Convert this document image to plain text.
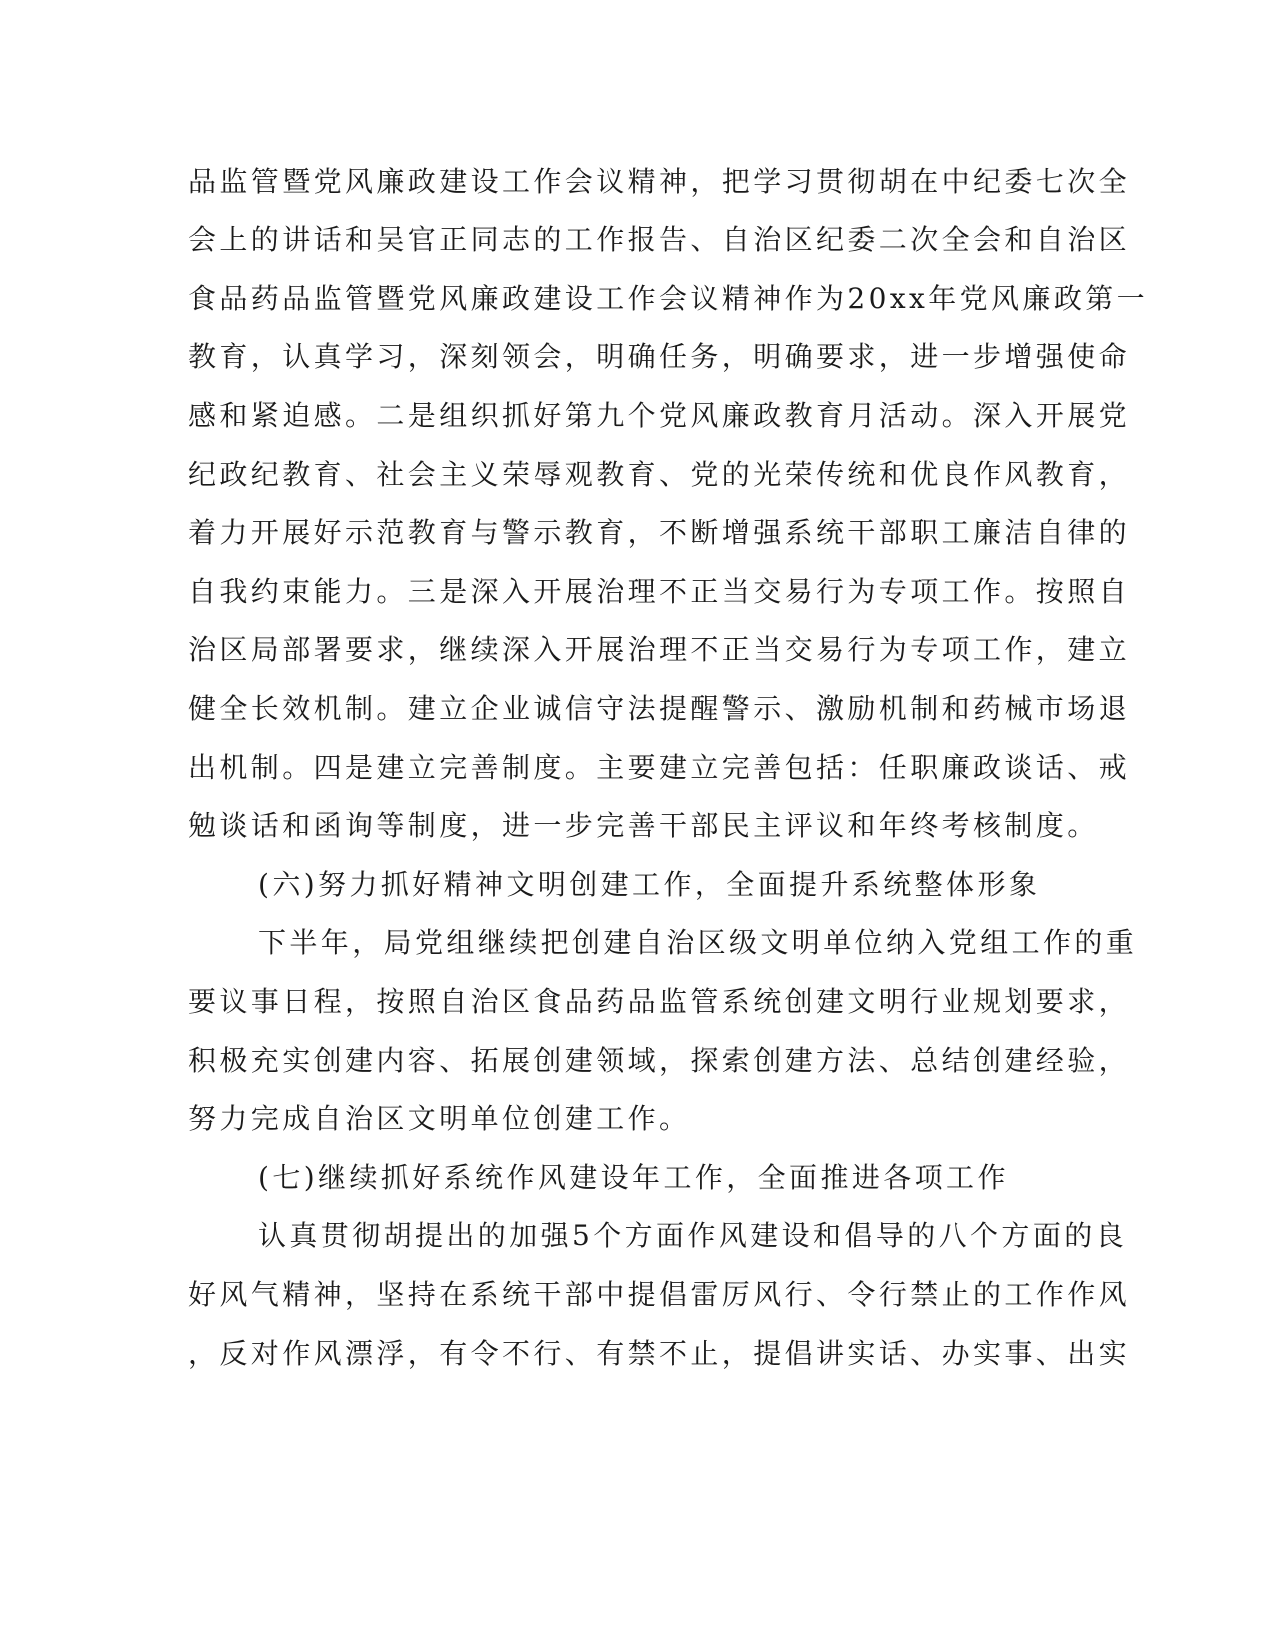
品监管暨党风廉政建设工作会议精神，把学习贯彻胡在中纪委七次全
会上的讲话和吴官正同志的工作报告、自治区纪委二次全会和自治区
食品药品监管暨党风廉政建设工作会议精神作为20xx年党风廉政第一
教育，认真学习，深刻领会，明确任务，明确要求，进一步增强使命
感和紧迫感。二是组织抓好第九个党风廉政教育月活动。深入开展党
纪政纪教育、社会主义荣辱观教育、党的光荣传统和优良作风教育，
着力开展好示范教育与警示教育，不断增强系统干部职工廉洁自律的
自我约束能力。三是深入开展治理不正当交易行为专项工作。按照自
治区局部署要求，继续深入开展治理不正当交易行为专项工作，建立
健全长效机制。建立企业诚信守法提醒警示、激励机制和药械市场退
出机制。四是建立完善制度。主要建立完善包括：任职廉政谈话、戒
勉谈话和函询等制度，进一步完善干部民主评议和年终考核制度。
(六)努力抓好精神文明创建工作，全面提升系统整体形象
下半年，局党组继续把创建自治区级文明单位纳入党组工作的重
要议事日程，按照自治区食品药品监管系统创建文明行业规划要求，
积极充实创建内容、拓展创建领域，探索创建方法、总结创建经验，
努力完成自治区文明单位创建工作。
(七)继续抓好系统作风建设年工作，全面推进各项工作
认真贯彻胡提出的加强5个方面作风建设和倡导的八个方面的良
好风气精神，坚持在系统干部中提倡雷厉风行、令行禁止的工作作风
，反对作风漂浮，有令不行、有禁不止，提倡讲实话、办实事、出实
